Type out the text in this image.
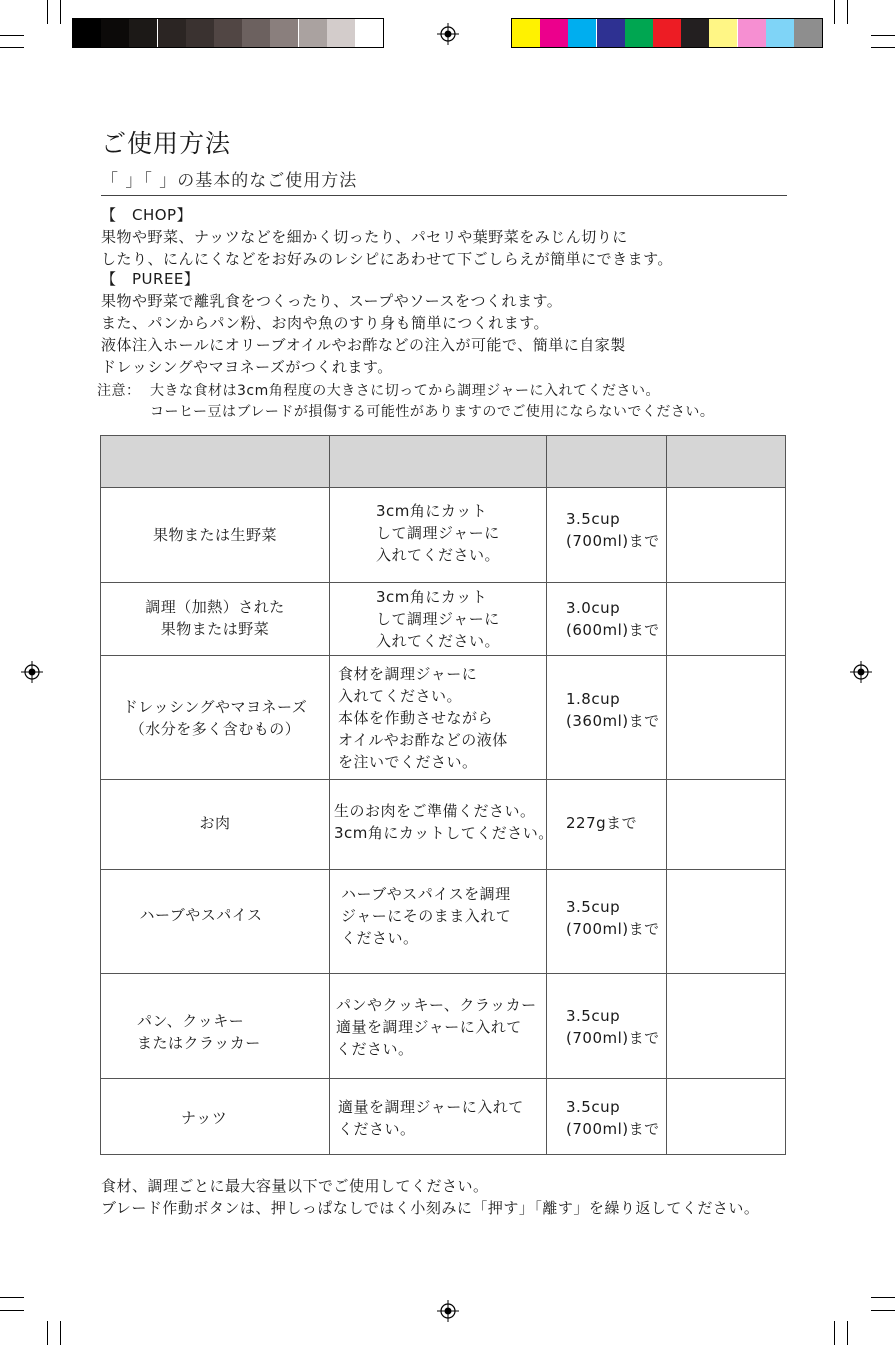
ご使用方法
「 」「 」の基本的なご使用方法
【　CHOP】
果物や野菜、ナッツなどを細かく切ったり、パセリや葉野菜をみじん切りに
したり、にんにくなどをお好みのレシピにあわせて下ごしらえが簡単にできます。
【　PUREE】
果物や野菜で離乳食をつくったり、スープやソースをつくれます。
また、パンからパン粉、お肉や魚のすり身も簡単につくれます。
液体注入ホールにオリーブオイルやお酢などの注入が可能で、簡単に自家製
ドレッシングやマヨネーズがつくれます。
注意： 大きな食材は3cm角程度の大きさに切ってから調理ジャーに入れてください。
コーヒー豆はブレードが損傷する可能性がありますのでご使用にならないでください。
果物または生野菜
3cm角にカット
して調理ジャーに
入れてください。
3.5cup
(700ml)まで
調理（加熱）された
果物または野菜
3cm角にカット
して調理ジャーに
入れてください。
3.0cup
(600ml)まで
ドレッシングやマヨネーズ
（水分を多く含むもの）
食材を調理ジャーに
入れてください。
本体を作動させながら
オイルやお酢などの液体
を注いでください。
1.8cup
(360ml)まで
お肉
生のお肉をご準備ください。
3cm角にカットしてください。
227gまで
ハーブやスパイス
ハーブやスパイスを調理
ジャーにそのまま入れて
ください。
3.5cup
(700ml)まで
パン、クッキー
またはクラッカー
パンやクッキー、クラッカー
適量を調理ジャーに入れて
ください。
3.5cup
(700ml)まで
ナッツ
適量を調理ジャーに入れて
ください。
3.5cup
(700ml)まで
食材、調理ごとに最大容量以下でご使用してください。
ブレード作動ボタンは、押しっぱなしではく小刻みに「押す」「離す」を繰り返してください。
